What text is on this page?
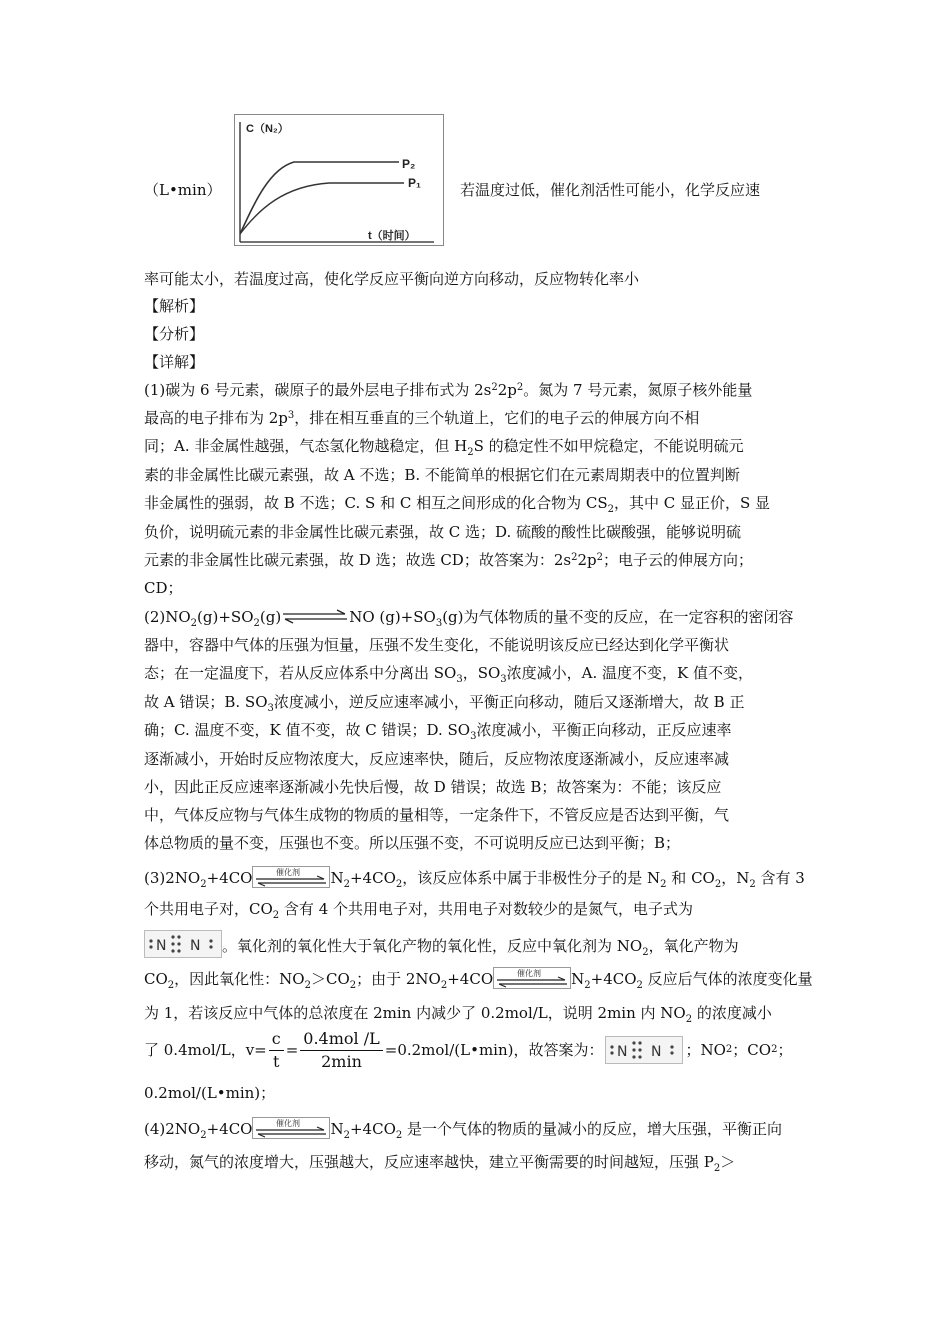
（L•min）
C（N₂）
t（时间）
P₂
P₁	若温度过低，催化剂活性可能小，化学反应速
率可能太小，若温度过高，使化学反应平衡向逆方向移动，反应物转化率小
【解析】
【分析】
【详解】
(1)碳为 6 号元素，碳原子的最外层电子排布式为 $2s^22p^2$。氮为 7 号元素，氮原子核外能量
最高的电子排布为 $2p^3$，排在相互垂直的三个轨道上，它们的电子云的伸展方向不相
同；A. 非金属性越强，气态氢化物越稳定，但 $H_2S$ 的稳定性不如甲烷稳定，不能说明硫元
素的非金属性比碳元素强，故 A 不选；B. 不能简单的根据它们在元素周期表中的位置判断
非金属性的强弱，故 B 不选；C. S 和 C 相互之间形成的化合物为 $CS_2$，其中 C 显正价，S 显
负价，说明硫元素的非金属性比碳元素强，故 C 选；D. 硫酸的酸性比碳酸强，能够说明硫
元素的非金属性比碳元素强，故 D 选；故选 CD；故答案为：$2s^22p^2$；电子云的伸展方向；
CD；
$(2)NO_2(g)+SO_2(g)$	NO $(g)+SO_3(g)$为气体物质的量不变的反应，在一定容积的密闭容
器中，容器中气体的压强为恒量，压强不发生变化，不能说明该反应已经达到化学平衡状
态；在一定温度下，若从反应体系中分离出 $SO_3$，$SO_3$浓度减小，A. 温度不变，K 值不变，
故 A 错误；B. $SO_3$浓度减小，逆反应速率减小，平衡正向移动，随后又逐渐增大，故 B 正
确；C. 温度不变，K 值不变，故 C 错误；D. $SO_3$浓度减小，平衡正向移动，正反应速率
逐渐减小，开始时反应物浓度大，反应速率快，随后，反应物浓度逐渐减小，反应速率减
小，因此正反应速率逐渐减小先快后慢，故 D 错误；故选 B；故答案为：不能；该反应
中，气体反应物与气体生成物的物质的量相等，一定条件下，不管反应是否达到平衡，气
体总物质的量不变，压强也不变。所以压强不变，不可说明反应已达到平衡；B；
$(3)2NO_2+4CO$	催化剂 $N_2+4CO_2$，该反应体系中属于非极性分子的是 $N_2$ 和 $CO_2$，$N_2$ 含有 3
个共用电子对，$CO_2$ 含有 4 个共用电子对，共用电子对数较少的是氮气，电子式为
N N 。氧化剂的氧化性大于氧化产物的氧化性，反应中氧化剂为 $NO_2$，氧化产物为
$CO_2$，因此氧化性：$NO_2>CO_2$；由于 $2NO_2+4CO$	催化剂 $N_2+4CO_2$ 反应后气体的浓度变化量
为 1，若该反应中气体的总浓度在 2min 内减少了 0.2mol/L，说明 2min 内 $NO_2$ 的浓度减小
了 0.4mol/L，$v= \frac{c}{t} = \frac{\text{0.4mol /L}}{2\min}$ =0.2mol/(L•min)，故答案为： N N ；NO 2 ；CO 2 ；
0.2mol/(L•min)；
$(4)2NO_2+4CO$	催化剂 $N_2+4CO_2$ 是一个气体的物质的量减小的反应，增大压强，平衡正向
移动，氮气的浓度增大，压强越大，反应速率越快，建立平衡需要的时间越短，压强 $P_2>$
